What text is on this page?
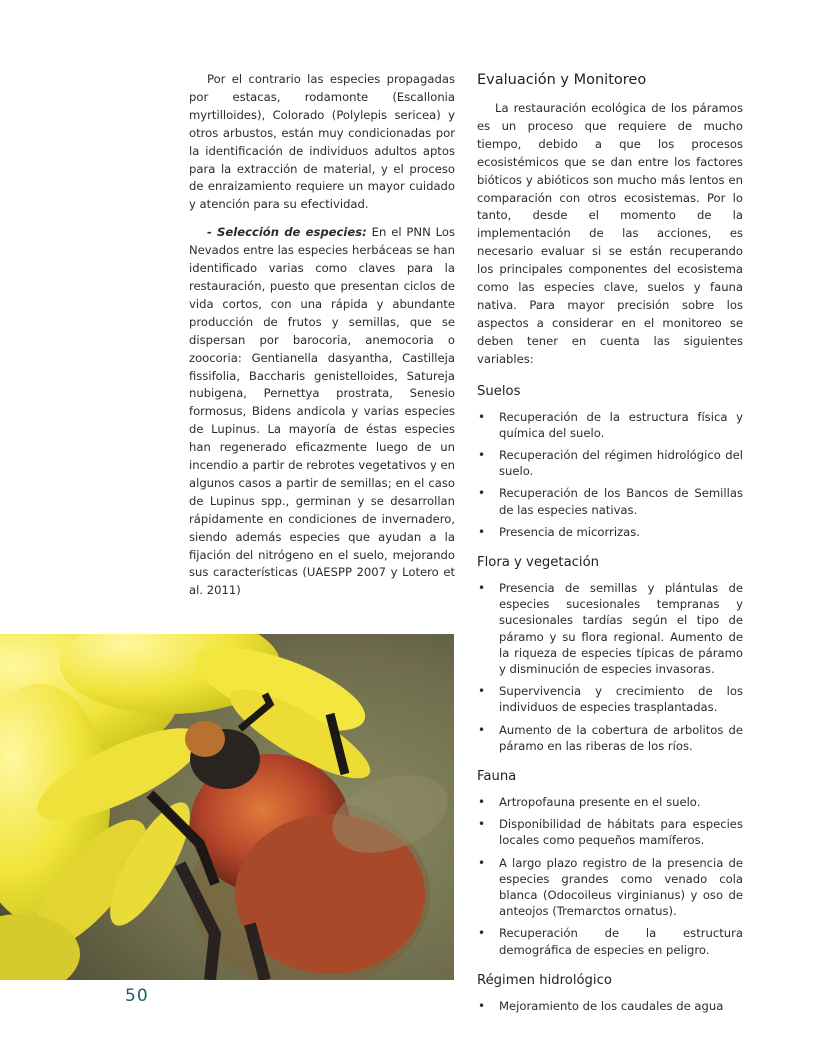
Por el contrario las especies propagadas por estacas, rodamonte (Escallonia myrtilloides), Colorado (Polylepis sericea) y otros arbustos, están muy condicionadas por la identificación de individuos adultos aptos para la extracción de material, y el proceso de enraizamiento requiere un mayor cuidado y atención para su efectividad.

- Selección de especies: En el PNN Los Nevados entre las especies herbáceas se han identificado varias como claves para la restauración, puesto que presentan ciclos de vida cortos, con una rápida y abundante producción de frutos y semillas, que se dispersan por barocoria, anemocoria o zoocoria: Gentianella dasyantha, Castilleja fissifolia, Baccharis genistelloides, Satureja nubigena, Pernettya prostrata, Senesio formosus, Bidens andicola y varias especies de Lupinus. La mayoría de éstas especies han regenerado eficazmente luego de un incendio a partir de rebrotes vegetativos y en algunos casos a partir de semillas; en el caso de Lupinus spp., germinan y se desarrollan rápidamente en condiciones de invernadero, siendo además especies que ayudan a la fijación del nitrógeno en el suelo, mejorando sus características (UAESPP 2007 y Lotero et al. 2011)

Evaluación y Monitoreo

La restauración ecológica de los páramos es un proceso que requiere de mucho tiempo, debido a que los procesos ecosistémicos que se dan entre los factores bióticos y abióticos son mucho más lentos en comparación con otros ecosistemas. Por lo tanto, desde el momento de la implementación de las acciones, es necesario evaluar si se están recuperando los principales componentes del ecosistema como las especies clave, suelos y fauna nativa. Para mayor precisión sobre los aspectos a considerar en el monitoreo se deben tener en cuenta las siguientes variables:

Suelos
• Recuperación de la estructura física y química del suelo.
• Recuperación del régimen hidrológico del suelo.
• Recuperación de los Bancos de Semillas de las especies nativas.
• Presencia de micorrizas.
Flora y vegetación
• Presencia de semillas y plántulas de especies sucesionales tempranas y sucesionales tardías según el tipo de páramo y su flora regional. Aumento de la riqueza de especies típicas de páramo y disminución de especies invasoras.
• Supervivencia y crecimiento de los individuos de especies trasplantadas.
• Aumento de la cobertura de arbolitos de páramo en las riberas de los ríos.
Fauna
• Artropofauna presente en el suelo.
• Disponibilidad de hábitats para especies locales como pequeños mamíferos.
• A largo plazo registro de la presencia de especies grandes como venado cola blanca (Odocoileus virginianus) y oso de anteojos (Tremarctos ornatus).
• Recuperación de la estructura demográfica de especies en peligro.
Régimen hidrológico
• Mejoramiento de los caudales de agua
50
